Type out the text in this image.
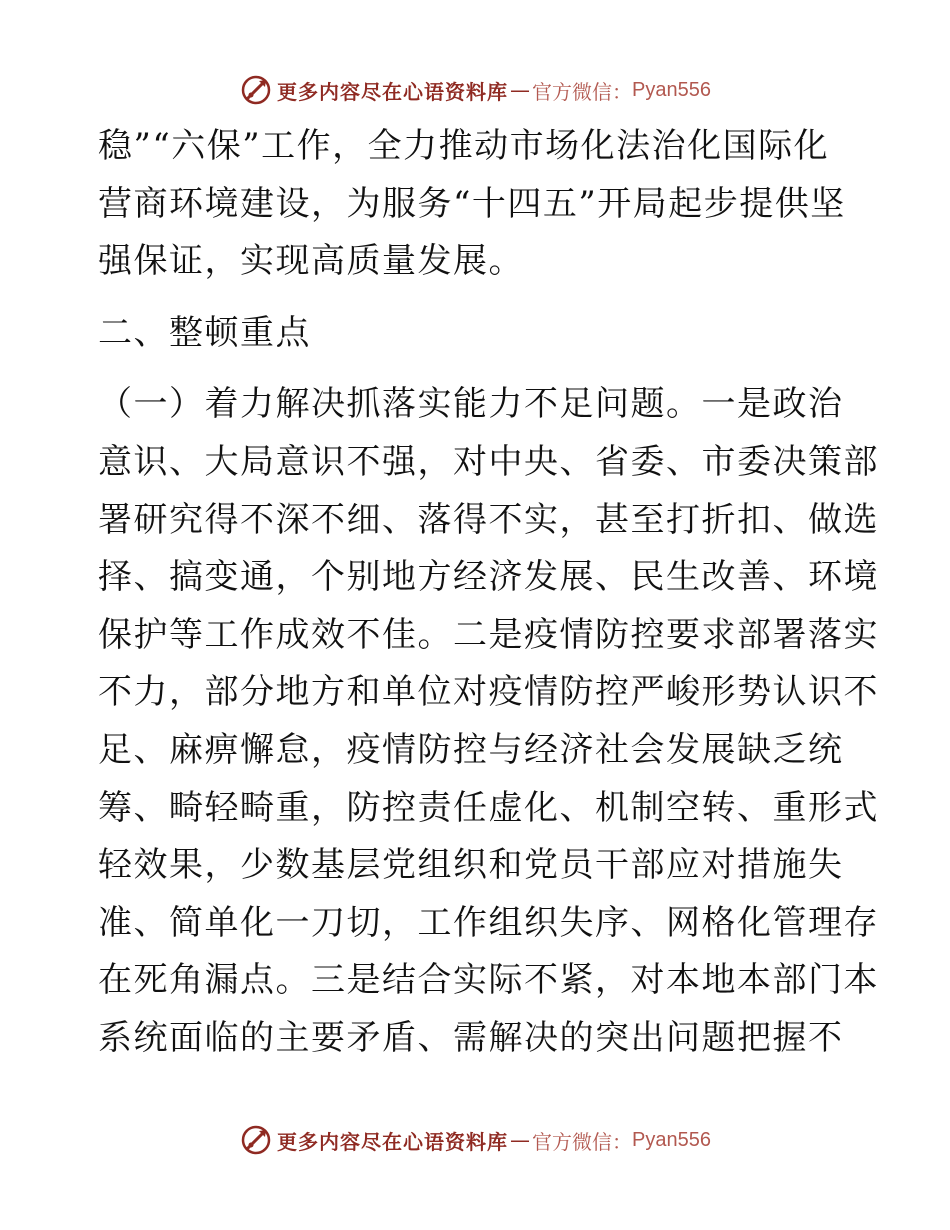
更多内容尽在心语资料库 — 官方微信： Pyan556
稳”“六保”工作，全力推动市场化法治化国际化
营商环境建设，为服务“十四五”开局起步提供坚
强保证，实现高质量发展。
二、整顿重点
（一）着力解决抓落实能力不足问题。一是政治
意识、大局意识不强，对中央、省委、市委决策部
署研究得不深不细、落得不实，甚至打折扣、做选
择、搞变通，个别地方经济发展、民生改善、环境
保护等工作成效不佳。二是疫情防控要求部署落实
不力，部分地方和单位对疫情防控严峻形势认识不
足、麻痹懈怠，疫情防控与经济社会发展缺乏统
筹、畸轻畸重，防控责任虚化、机制空转、重形式
轻效果，少数基层党组织和党员干部应对措施失
准、简单化一刀切，工作组织失序、网格化管理存
在死角漏点。三是结合实际不紧，对本地本部门本
系统面临的主要矛盾、需解决的突出问题把握不
更多内容尽在心语资料库 — 官方微信： Pyan556
